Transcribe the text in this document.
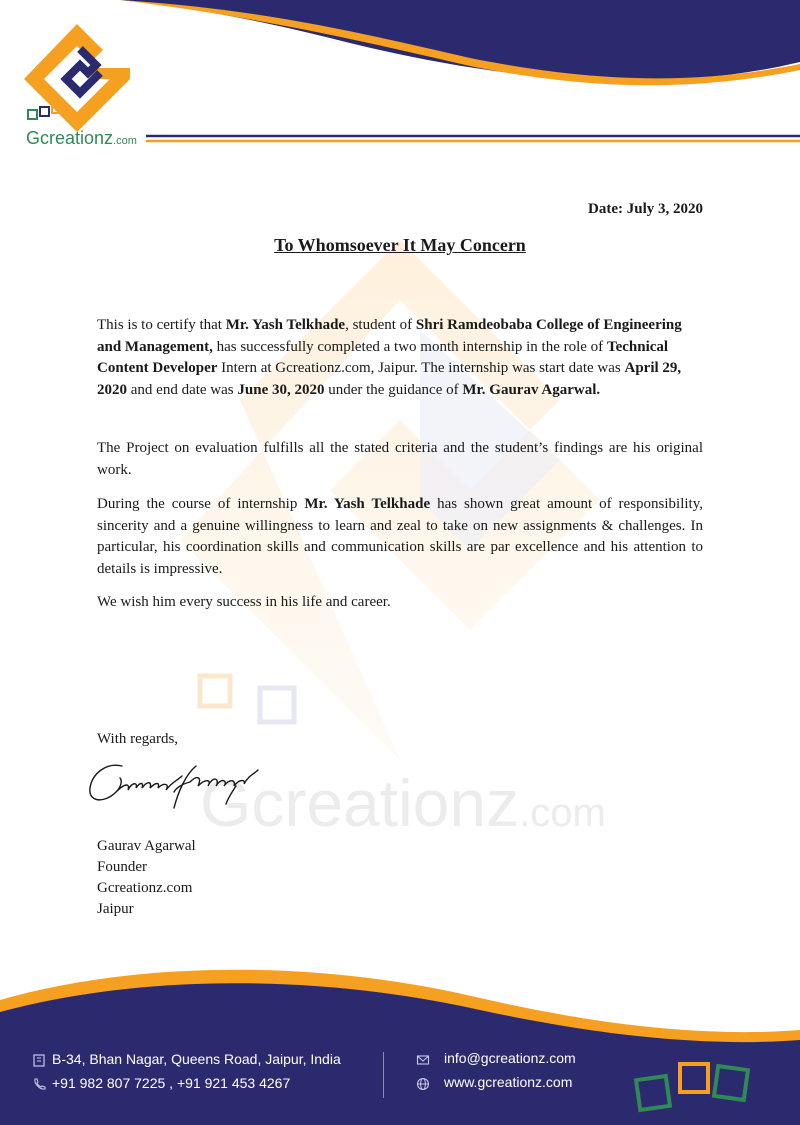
Gcreationz.com
Gcreationz.com
Date: July 3, 2020
To Whomsoever It May Concern
This is to certify that Mr. Yash Telkhade, student of Shri Ramdeobaba College of Engineering and Management, has successfully completed a two month internship in the role of Technical Content Developer Intern at Gcreationz.com, Jaipur. The internship was start date was April 29, 2020 and end date was June 30, 2020 under the guidance of Mr. Gaurav Agarwal.
The Project on evaluation fulfills all the stated criteria and the student’s findings are his original work.
During the course of internship Mr. Yash Telkhade has shown great amount of responsibility, sincerity and a genuine willingness to learn and zeal to take on new assignments & challenges. In particular, his coordination skills and communication skills are par excellence and his attention to details is impressive.
We wish him every success in his life and career.
With regards,
Gaurav Agarwal
Founder
Gcreationz.com
Jaipur
B-34, Bhan Nagar, Queens Road, Jaipur, India
+91 982 807 7225 , +91 921 453 4267
info@gcreationz.com
www.gcreationz.com
